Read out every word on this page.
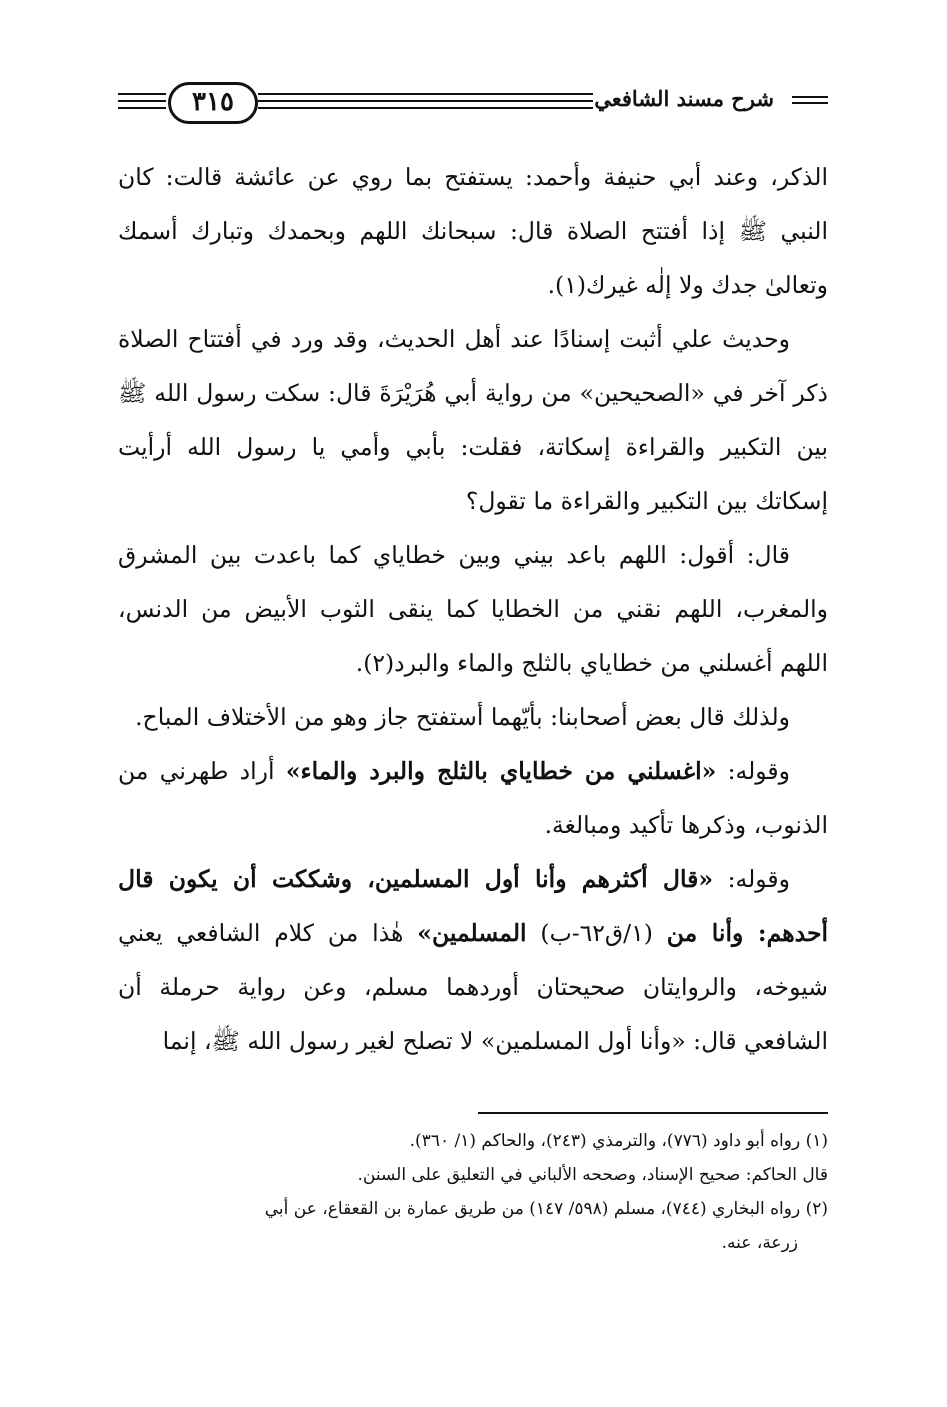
شرح مسند الشافعي
٣١٥

الذكر، وعند أبي حنيفة وأحمد: يستفتح بما روي عن عائشة قالت: كان النبي ﷺ إذا أفتتح الصلاة قال: سبحانك اللهم وبحمدك وتبارك أسمك وتعالىٰ جدك ولا إلٰه غيرك(١).

وحديث علي أثبت إسنادًا عند أهل الحديث، وقد ورد في أفتتاح الصلاة ذكر آخر في «الصحيحين» من رواية أبي هُرَيْرَةَ قال: سكت رسول الله ﷺ بين التكبير والقراءة إسكاتة، فقلت: بأبي وأمي يا رسول الله أرأيت إسكاتك بين التكبير والقراءة ما تقول؟

قال: أقول: اللهم باعد بيني وبين خطاياي كما باعدت بين المشرق والمغرب، اللهم نقني من الخطايا كما ينقى الثوب الأبيض من الدنس، اللهم أغسلني من خطاياي بالثلج والماء والبرد(٢).

ولذلك قال بعض أصحابنا: بأيّهما أستفتح جاز وهو من الأختلاف المباح.

وقوله: «اغسلني من خطاياي بالثلج والبرد والماء» أراد طهرني من الذنوب، وذكرها تأكيد ومبالغة.

وقوله: «قال أكثرهم وأنا أول المسلمين، وشككت أن يكون قال أحدهم: وأنا من (١/ق٦٢-ب) المسلمين» هٰذا من كلام الشافعي يعني شيوخه، والروايتان صحيحتان أوردهما مسلم، وعن رواية حرملة أن الشافعي قال: «وأنا أول المسلمين» لا تصلح لغير رسول الله ﷺ، إنما

(١) رواه أبو داود (٧٧٦)، والترمذي (٢٤٣)، والحاكم (١/ ٣٦٠).
قال الحاكم: صحيح الإسناد، وصححه الألباني في التعليق على السنن.
(٢) رواه البخاري (٧٤٤)، مسلم (٥٩٨/ ١٤٧) من طريق عمارة بن القعقاع، عن أبي
زرعة، عنه.
